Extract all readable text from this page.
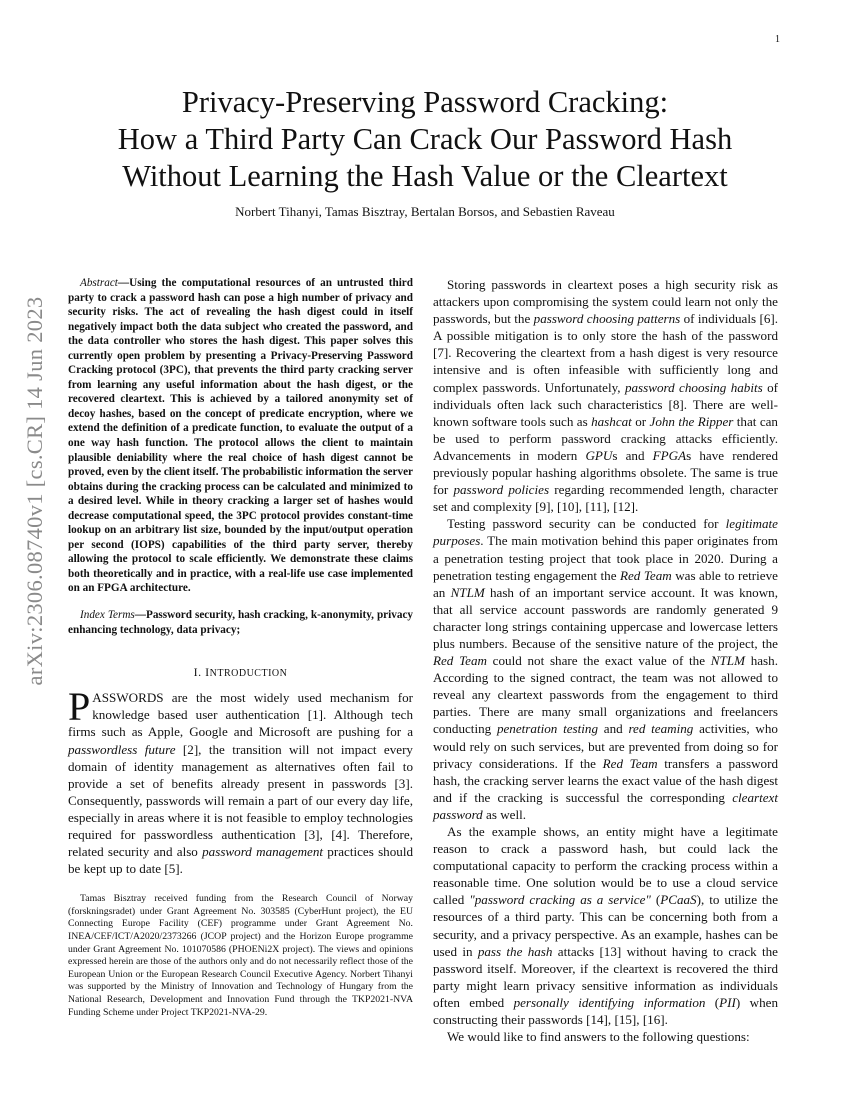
1
arXiv:2306.08740v1 [cs.CR] 14 Jun 2023
Privacy-Preserving Password Cracking:
How a Third Party Can Crack Our Password Hash
Without Learning the Hash Value or the Cleartext
Norbert Tihanyi, Tamas Bisztray, Bertalan Borsos, and Sebastien Raveau

Abstract—Using the computational resources of an untrusted third party to crack a password hash can pose a high number of privacy and security risks. The act of revealing the hash digest could in itself negatively impact both the data subject who created the password, and the data controller who stores the hash digest. This paper solves this currently open problem by presenting a Privacy-Preserving Password Cracking protocol (3PC), that prevents the third party cracking server from learning any useful information about the hash digest, or the recovered cleartext. This is achieved by a tailored anonymity set of decoy hashes, based on the concept of predicate encryption, where we extend the definition of a predicate function, to evaluate the output of a one way hash function. The protocol allows the client to maintain plausible deniability where the real choice of hash digest cannot be proved, even by the client itself. The probabilistic information the server obtains during the cracking process can be calculated and minimized to a desired level. While in theory cracking a larger set of hashes would decrease computational speed, the 3PC protocol provides constant-time lookup on an arbitrary list size, bounded by the input/output operation per second (IOPS) capabilities of the third party server, thereby allowing the protocol to scale efficiently. We demonstrate these claims both theoretically and in practice, with a real-life use case implemented on an FPGA architecture.

Index Terms—Password security, hash cracking, k-anonymity, privacy enhancing technology, data privacy;

I. INTRODUCTION

PASSWORDS are the most widely used mechanism for knowledge based user authentication [1]. Although tech firms such as Apple, Google and Microsoft are pushing for a passwordless future [2], the transition will not impact every domain of identity management as alternatives often fail to provide a set of benefits already present in passwords [3]. Consequently, passwords will remain a part of our every day life, especially in areas where it is not feasible to employ technologies required for passwordless authentication [3], [4]. Therefore, related security and also password management practices should be kept up to date [5].

Tamas Bisztray received funding from the Research Council of Norway (forskningsradet) under Grant Agreement No. 303585 (CyberHunt project), the EU Connecting Europe Facility (CEF) programme under Grant Agreement No. INEA/CEF/ICT/A2020/2373266 (JCOP project) and the Horizon Europe programme under Grant Agreement No. 101070586 (PHOENi2X project). The views and opinions expressed herein are those of the authors only and do not necessarily reflect those of the European Union or the European Research Council Executive Agency. Norbert Tihanyi was supported by the Ministry of Innovation and Technology of Hungary from the National Research, Development and Innovation Fund through the TKP2021-NVA Funding Scheme under Project TKP2021-NVA-29.

Storing passwords in cleartext poses a high security risk as attackers upon compromising the system could learn not only the passwords, but the password choosing patterns of individuals [6]. A possible mitigation is to only store the hash of the password [7]. Recovering the cleartext from a hash digest is very resource intensive and is often infeasible with sufficiently long and complex passwords. Unfortunately, password choosing habits of individuals often lack such characteristics [8]. There are well-known software tools such as hashcat or John the Ripper that can be used to perform password cracking attacks efficiently. Advancements in modern GPUs and FPGAs have rendered previously popular hashing algorithms obsolete. The same is true for password policies regarding recommended length, character set and complexity [9], [10], [11], [12].

Testing password security can be conducted for legitimate purposes. The main motivation behind this paper originates from a penetration testing project that took place in 2020. During a penetration testing engagement the Red Team was able to retrieve an NTLM hash of an important service account. It was known, that all service account passwords are randomly generated 9 character long strings containing uppercase and lowercase letters plus numbers. Because of the sensitive nature of the project, the Red Team could not share the exact value of the NTLM hash. According to the signed contract, the team was not allowed to reveal any cleartext passwords from the engagement to third parties. There are many small organizations and freelancers conducting penetration testing and red teaming activities, who would rely on such services, but are prevented from doing so for privacy considerations. If the Red Team transfers a password hash, the cracking server learns the exact value of the hash digest and if the cracking is successful the corresponding cleartext password as well.

As the example shows, an entity might have a legitimate reason to crack a password hash, but could lack the computational capacity to perform the cracking process within a reasonable time. One solution would be to use a cloud service called "password cracking as a service" (PCaaS), to utilize the resources of a third party. This can be concerning both from a security, and a privacy perspective. As an example, hashes can be used in pass the hash attacks [13] without having to crack the password itself. Moreover, if the cleartext is recovered the third party might learn privacy sensitive information as individuals often embed personally identifying information (PII) when constructing their passwords [14], [15], [16].

We would like to find answers to the following questions:
